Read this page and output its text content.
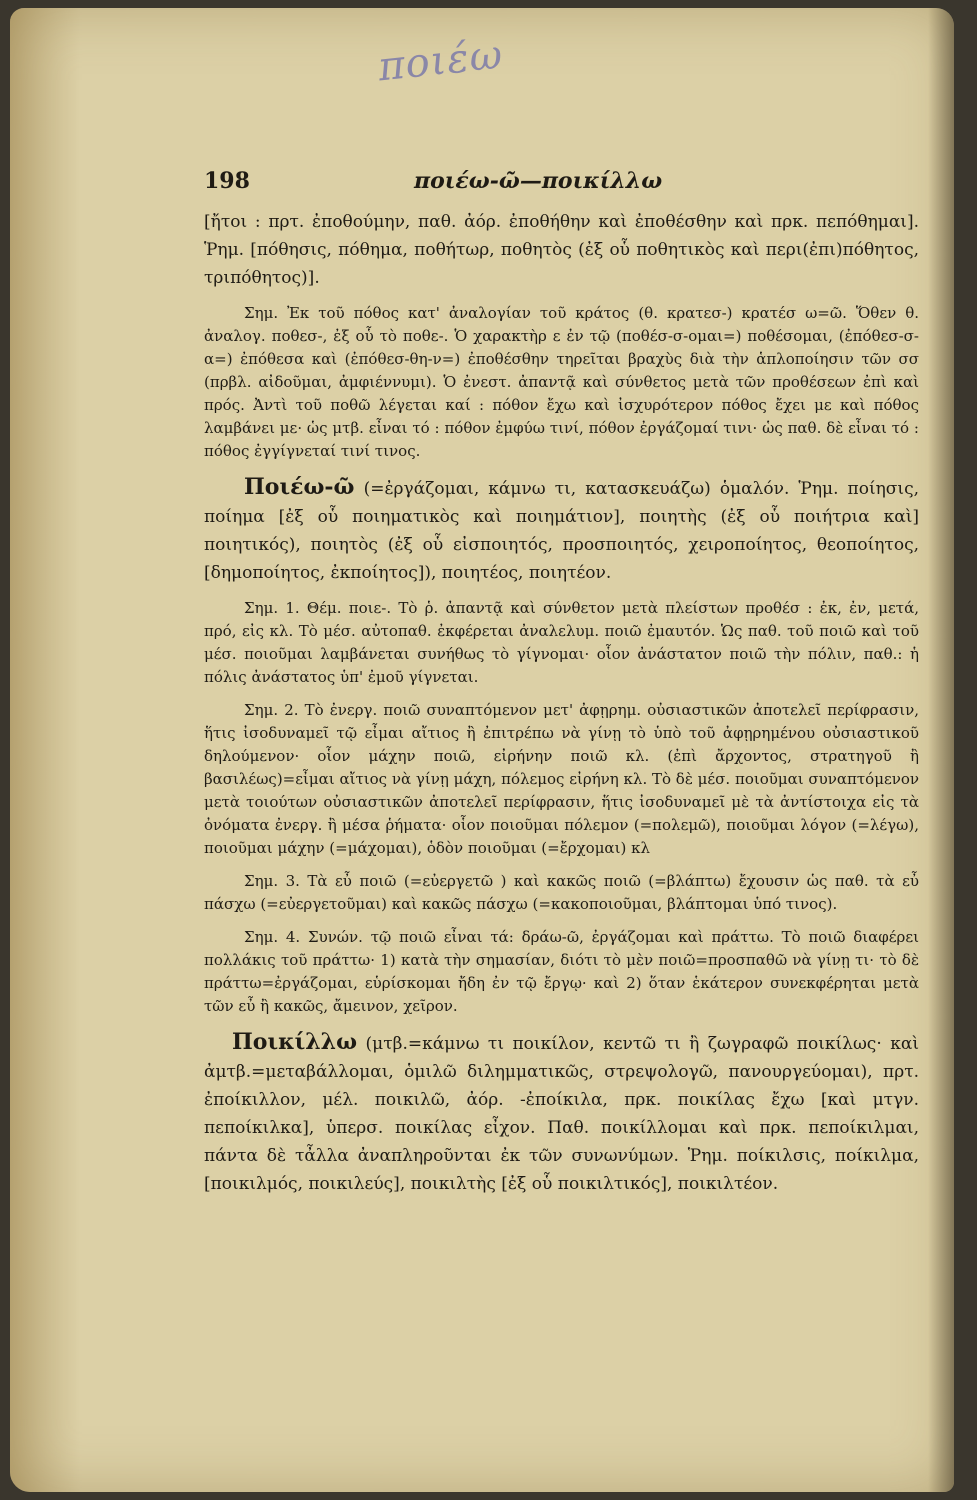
ποιέω
198	ποιέω-ῶ—ποικίλλω

[ἤτοι : πρτ. ἐποθούμην, παθ. ἀόρ. ἐποθήθην καὶ ἐποθέσθην καὶ πρκ. πεπόθημαι]. Ῥημ. [πόθησις, πόθημα, ποθήτωρ, ποθητὸς (ἐξ οὗ ποθητικὸς καὶ περι(ἐπι)πόθητος, τριπόθητος)].

Σημ. Ἐκ τοῦ πόθος κατ' ἀναλογίαν τοῦ κράτος (θ. κρατεσ-) κρατέσ ω=ῶ. Ὅθεν θ. ἀναλογ. ποθεσ-, ἐξ οὗ τὸ ποθε-. Ὁ χαρακτὴρ ε ἐν τῷ (ποθέσ-σ-ομαι=) ποθέσομαι, (ἐπόθεσ-σ-α=) ἐπόθεσα καὶ (ἐπόθεσ-θη-ν=) ἐποθέσθην τηρεῖται βραχὺς διὰ τὴν ἁπλοποίησιν τῶν σσ (πρβλ. αἰδοῦμαι, ἀμφιέννυμι). Ὁ ἐνεστ. ἀπαντᾷ καὶ σύνθετος μετὰ τῶν προθέσεων ἐπὶ καὶ πρός. Ἀντὶ τοῦ ποθῶ λέγεται καί : πόθον ἔχω καὶ ἰσχυρότερον πόθος ἔχει με καὶ πόθος λαμβάνει με· ὡς μτβ. εἶναι τό : πόθον ἐμφύω τινί, πόθον ἐργάζομαί τινι· ὡς παθ. δὲ εἶναι τό : πόθος ἐγγίγνεταί τινί τινος.

Ποιέω-ῶ (=ἐργάζομαι, κάμνω τι, κατασκευάζω) ὁμαλόν. Ῥημ. ποίησις, ποίημα [ἐξ οὗ ποιηματικὸς καὶ ποιημάτιον], ποιητὴς (ἐξ οὗ ποιήτρια καὶ] ποιητικός), ποιητὸς (ἐξ οὗ εἰσποιητός, προσποιητός, χειροποίητος, θεοποίητος, [δημοποίητος, ἐκποίητος]), ποιητέος, ποιητέον.

Σημ. 1. Θέμ. ποιε-. Τὸ ῥ. ἀπαντᾷ καὶ σύνθετον μετὰ πλείστων προθέσ : ἐκ, ἐν, μετά, πρό, εἰς κλ. Τὸ μέσ. αὐτοπαθ. ἐκφέρεται ἀναλελυμ. ποιῶ ἐμαυτόν. Ὡς παθ. τοῦ ποιῶ καὶ τοῦ μέσ. ποιοῦμαι λαμβάνεται συνήθως τὸ γίγνομαι· οἷον ἀνάστατον ποιῶ τὴν πόλιν, παθ.: ἡ πόλις ἀνάστατος ὑπ' ἐμοῦ γίγνεται.

Σημ. 2. Τὸ ἐνεργ. ποιῶ συναπτόμενον μετ' ἀφῃρημ. οὐσιαστικῶν ἀποτελεῖ περίφρασιν, ἥτις ἰσοδυναμεῖ τῷ εἶμαι αἴτιος ἢ ἐπιτρέπω νὰ γίνῃ τὸ ὑπὸ τοῦ ἀφῃρημένου οὐσιαστικοῦ δηλούμενον· οἷον μάχην ποιῶ, εἰρήνην ποιῶ κλ. (ἐπὶ ἄρχοντος, στρατηγοῦ ἢ βασιλέως)=εἶμαι αἴτιος νὰ γίνῃ μάχη, πόλεμος εἰρήνη κλ. Τὸ δὲ μέσ. ποιοῦμαι συναπτόμενον μετὰ τοιούτων οὐσιαστικῶν ἀποτελεῖ περίφρασιν, ἥτις ἰσοδυναμεῖ μὲ τὰ ἀντίστοιχα εἰς τὰ ὀνόματα ἐνεργ. ἢ μέσα ῥήματα· οἷον ποιοῦμαι πόλεμον (=πολεμῶ), ποιοῦμαι λόγον (=λέγω), ποιοῦμαι μάχην (=μάχομαι), ὁδὸν ποιοῦμαι (=ἔρχομαι) κλ

Σημ. 3. Τὰ εὖ ποιῶ (=εὐεργετῶ ) καὶ κακῶς ποιῶ (=βλάπτω) ἔχουσιν ὡς παθ. τὰ εὖ πάσχω (=εὐεργετοῦμαι) καὶ κακῶς πάσχω (=κακοποιοῦμαι, βλάπτομαι ὑπό τινος).

Σημ. 4. Συνών. τῷ ποιῶ εἶναι τά: δράω-ῶ, ἐργάζομαι καὶ πράττω. Τὸ ποιῶ διαφέρει πολλάκις τοῦ πράττω· 1) κατὰ τὴν σημασίαν, διότι τὸ μὲν ποιῶ=προσπαθῶ νὰ γίνῃ τι· τὸ δὲ πράττω=ἐργάζομαι, εὑρίσκομαι ἤδη ἐν τῷ ἔργῳ· καὶ 2) ὅταν ἑκάτερον συνεκφέρηται μετὰ τῶν εὖ ἢ κακῶς, ἄμεινον, χεῖρον.

Ποικίλλω (μτβ.=κάμνω τι ποικίλον, κεντῶ τι ἢ ζωγραφῶ ποικίλως· καὶ ἀμτβ.=μεταβάλλομαι, ὁμιλῶ διλημματικῶς, στρεψολογῶ, πανουργεύομαι), πρτ. ἐποίκιλλον, μέλ. ποικιλῶ, ἀόρ. -ἐποίκιλα, πρκ. ποικίλας ἔχω [καὶ μτγν. πεποίκιλκα], ὑπερσ. ποικίλας εἶχον. Παθ. ποικίλλομαι καὶ πρκ. πεποίκιλμαι, πάντα δὲ τἆλλα ἀναπληροῦνται ἐκ τῶν συνωνύμων. Ῥημ. ποίκιλσις, ποίκιλμα, [ποικιλμός, ποικιλεύς], ποικιλτὴς [ἐξ οὗ ποικιλτικός], ποικιλτέον.
